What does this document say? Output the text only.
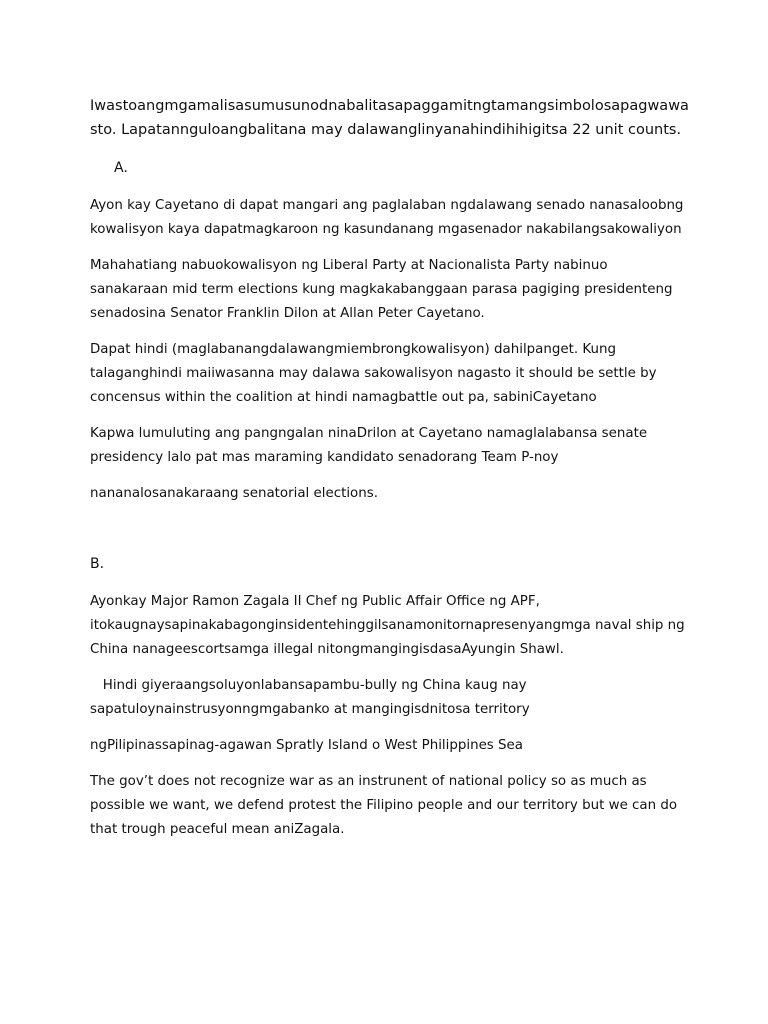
Iwastoangmgamalisasumusunodnabalitasapaggamitngtamangsimbolosapagwawa

sto. Lapatannguloangbalitana may dalawanglinyanahindihihigitsa 22 unit counts.

A.

Ayon kay Cayetano di dapat mangari ang paglalaban ngdalawang senado nanasaloobng

kowalisyon kaya dapatmagkaroon ng kasundanang mgasenador nakabilangsakowaliyon

Mahahatiang nabuokowalisyon ng Liberal Party at Nacionalista Party nabinuo

sanakaraan mid term elections kung magkakabanggaan parasa pagiging presidenteng

senadosina Senator Franklin Dilon at Allan Peter Cayetano.

Dapat hindi (maglabanangdalawangmiembrongkowalisyon) dahilpanget. Kung

talaganghindi maiiwasanna may dalawa sakowalisyon nagasto it should be settle by

concensus within the coalition at hindi namagbattle out pa, sabiniCayetano

Kapwa lumuluting ang pangngalan ninaDrilon at Cayetano namaglalabansa senate

presidency lalo pat mas maraming kandidato senadorang Team P-noy

nananalosanakaraang senatorial elections.

B.

Ayonkay Major Ramon Zagala II Chef ng Public Affair Office ng APF,

itokaugnaysapinakabagonginsidentehinggilsanamonitornapresenyangmga naval ship ng

China nanageescortsamga illegal nitongmangingisdasaAyungin Shawl.

Hindi giyeraangsoluyonlabansapambu-bully ng China kaug nay

sapatuloynainstrusyonngmgabanko at mangingisdnitosa territory

ngPilipinassapinag-agawan Spratly Island o West Philippines Sea

The gov’t does not recognize war as an instrunent of national policy so as much as

possible we want, we defend protest the Filipino people and our territory but we can do

that trough peaceful mean aniZagala.
